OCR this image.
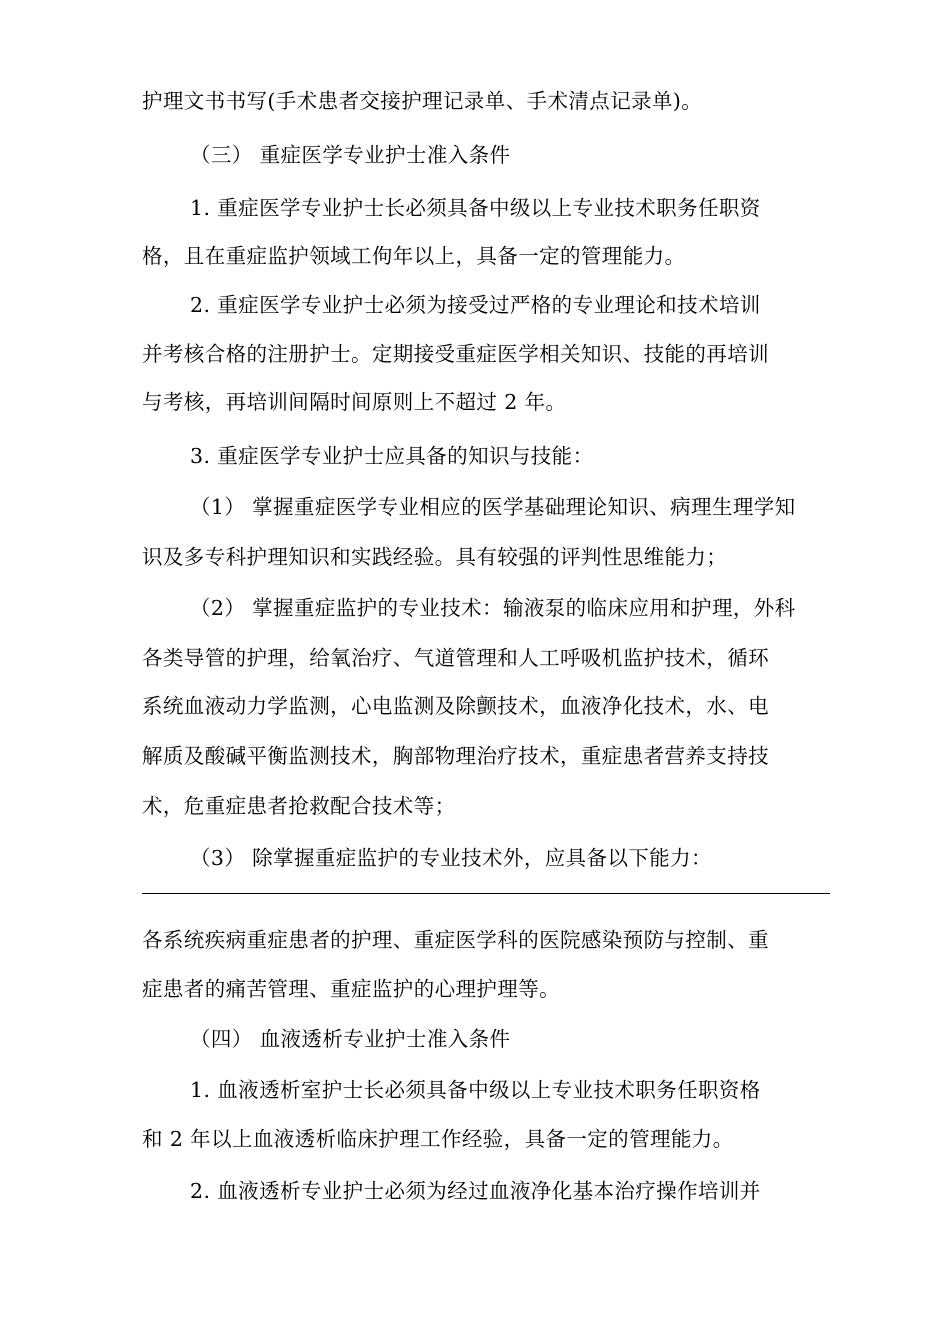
护理文书书写(手术患者交接护理记录单、手术清点记录单)。
（三） 重症医学专业护士准入条件
1. 重症医学专业护士长必须具备中级以上专业技术职务任职资
格，且在重症监护领域工佝年以上，具备一定的管理能力。
2. 重症医学专业护士必须为接受过严格的专业理论和技术培训
并考核合格的注册护士。定期接受重症医学相关知识、技能的再培训
与考核，再培训间隔时间原则上不超过 2 年。
3. 重症医学专业护士应具备的知识与技能：
（1） 掌握重症医学专业相应的医学基础理论知识、病理生理学知
识及多专科护理知识和实践经验。具有较强的评判性思维能力；
（2） 掌握重症监护的专业技术：输液泵的临床应用和护理，外科
各类导管的护理，给氧治疗、气道管理和人工呼吸机监护技术，循环
系统血液动力学监测，心电监测及除颤技术，血液净化技术，水、电
解质及酸碱平衡监测技术，胸部物理治疗技术，重症患者营养支持技
术，危重症患者抢救配合技术等；
（3） 除掌握重症监护的专业技术外，应具备以下能力：
各系统疾病重症患者的护理、重症医学科的医院感染预防与控制、重
症患者的痛苦管理、重症监护的心理护理等。
（四） 血液透析专业护士准入条件
1. 血液透析室护士长必须具备中级以上专业技术职务任职资格
和 2 年以上血液透析临床护理工作经验，具备一定的管理能力。
2. 血液透析专业护士必须为经过血液净化基本治疗操作培训并
